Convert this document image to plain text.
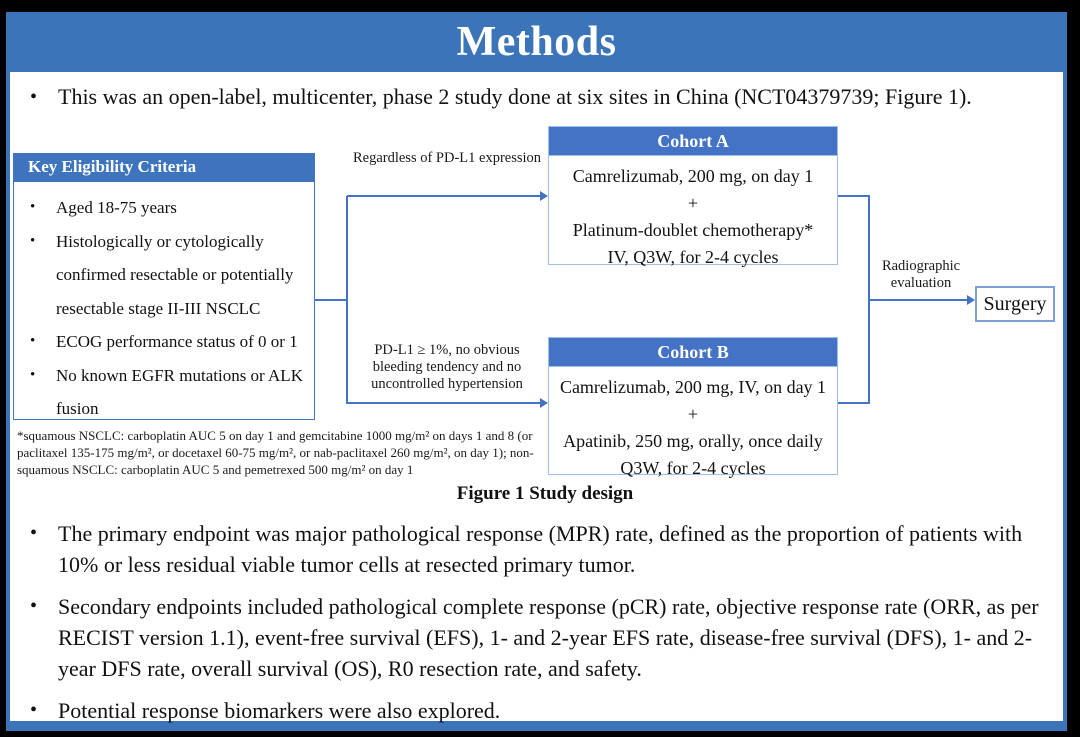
Methods
• This was an open-label, multicenter, phase 2 study done at six sites in China (NCT04379739; Figure 1).
Key Eligibility Criteria
•	Aged 18-75 years
•	Histologically or cytologically confirmed resectable or potentially resectable stage II-III NSCLC
•	ECOG performance status of 0 or 1
•	No known EGFR mutations or ALK fusion
Regardless of PD-L1 expression
PD-L1 ≥ 1%, no obvious bleeding tendency and no uncontrolled hypertension
Cohort A
Camrelizumab, 200 mg, on day 1
+
Platinum-doublet chemotherapy*
IV, Q3W, for 2-4 cycles
Cohort B
Camrelizumab, 200 mg, IV, on day 1
+
Apatinib, 250 mg, orally, once daily
Q3W, for 2-4 cycles
Radiographic evaluation
Surgery
*squamous NSCLC: carboplatin AUC 5 on day 1 and gemcitabine 1000 mg/m² on days 1 and 8 (or paclitaxel 135-175 mg/m², or docetaxel 60-75 mg/m², or nab-paclitaxel 260 mg/m², on day 1); non-squamous NSCLC: carboplatin AUC 5 and pemetrexed 500 mg/m² on day 1
Figure 1 Study design
• The primary endpoint was major pathological response (MPR) rate, defined as the proportion of patients with 10% or less residual viable tumor cells at resected primary tumor.
• Secondary endpoints included pathological complete response (pCR) rate, objective response rate (ORR, as per RECIST version 1.1), event-free survival (EFS), 1- and 2-year EFS rate, disease-free survival (DFS), 1- and 2-year DFS rate, overall survival (OS), R0 resection rate, and safety.
• Potential response biomarkers were also explored.
